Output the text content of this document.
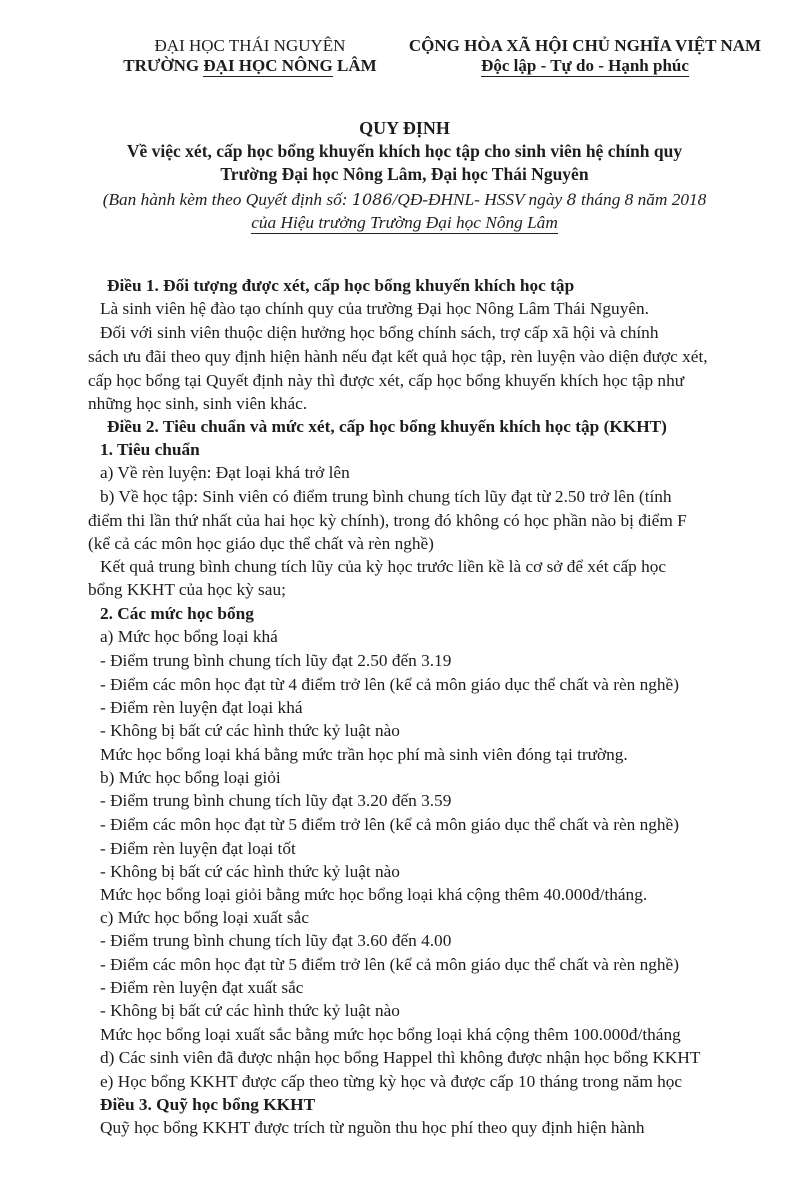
ĐẠI HỌC THÁI NGUYÊN
TRƯỜNG ĐẠI HỌC NÔNG LÂM
CỘNG HÒA XÃ HỘI CHỦ NGHĨA VIỆT NAM
Độc lập - Tự do - Hạnh phúc
QUY ĐỊNH
Về việc xét, cấp học bổng khuyến khích học tập cho sinh viên hệ chính quy
Trường Đại học Nông Lâm, Đại học Thái Nguyên
(Ban hành kèm theo Quyết định số: 1086/QĐ-ĐHNL- HSSV ngày 8 tháng 8 năm 2018
của Hiệu trưởng Trường Đại học Nông Lâm
Điều 1. Đối tượng được xét, cấp học bổng khuyến khích học tập
Là sinh viên hệ đào tạo chính quy của trường Đại học Nông Lâm Thái Nguyên.
Đối với sinh viên thuộc diện hưởng học bổng chính sách, trợ cấp xã hội và chính
sách ưu đãi theo quy định hiện hành nếu đạt kết quả học tập, rèn luyện vào diện được xét,
cấp học bổng tại Quyết định này thì được xét, cấp học bổng khuyến khích học tập như
những học sinh, sinh viên khác.
Điều 2. Tiêu chuẩn và mức xét, cấp học bổng khuyến khích học tập (KKHT)
1. Tiêu chuẩn
a) Về rèn luyện: Đạt loại khá trở lên
b) Về học tập: Sinh viên có điểm trung bình chung tích lũy đạt từ 2.50 trở lên (tính
điểm thi lần thứ nhất của hai học kỳ chính), trong đó không có học phần nào bị điểm F
(kể cả các môn học giáo dục thể chất và rèn nghề)
Kết quả trung bình chung tích lũy của kỳ học trước liền kề là cơ sở để xét cấp học
bổng KKHT của học kỳ sau;
2. Các mức học bổng
a) Mức học bổng loại khá
- Điểm trung bình chung tích lũy đạt 2.50 đến 3.19
- Điểm các môn học đạt từ 4 điểm trở lên (kể cả môn giáo dục thể chất và rèn nghề)
- Điểm rèn luyện đạt loại khá
- Không bị bất cứ các hình thức kỷ luật nào
Mức học bổng loại khá bằng mức trần học phí mà sinh viên đóng tại trường.
b) Mức học bổng loại giỏi
- Điểm trung bình chung tích lũy đạt 3.20 đến 3.59
- Điểm các môn học đạt từ 5 điểm trở lên (kể cả môn giáo dục thể chất và rèn nghề)
- Điểm rèn luyện đạt loại tốt
- Không bị bất cứ các hình thức kỷ luật nào
Mức học bổng loại giỏi bằng mức học bổng loại khá cộng thêm 40.000đ/tháng.
c) Mức học bổng loại xuất sắc
- Điểm trung bình chung tích lũy đạt 3.60 đến 4.00
- Điểm các môn học đạt từ 5 điểm trở lên (kể cả môn giáo dục thể chất và rèn nghề)
- Điểm rèn luyện đạt xuất sắc
- Không bị bất cứ các hình thức kỷ luật nào
Mức học bổng loại xuất sắc bằng mức học bổng loại khá cộng thêm 100.000đ/tháng
d) Các sinh viên đã được nhận học bổng Happel thì không được nhận học bổng KKHT
e) Học bổng KKHT được cấp theo từng kỳ học và được cấp 10 tháng trong năm học
Điều 3. Quỹ học bổng KKHT
Quỹ học bổng KKHT được trích từ nguồn thu học phí theo quy định hiện hành
